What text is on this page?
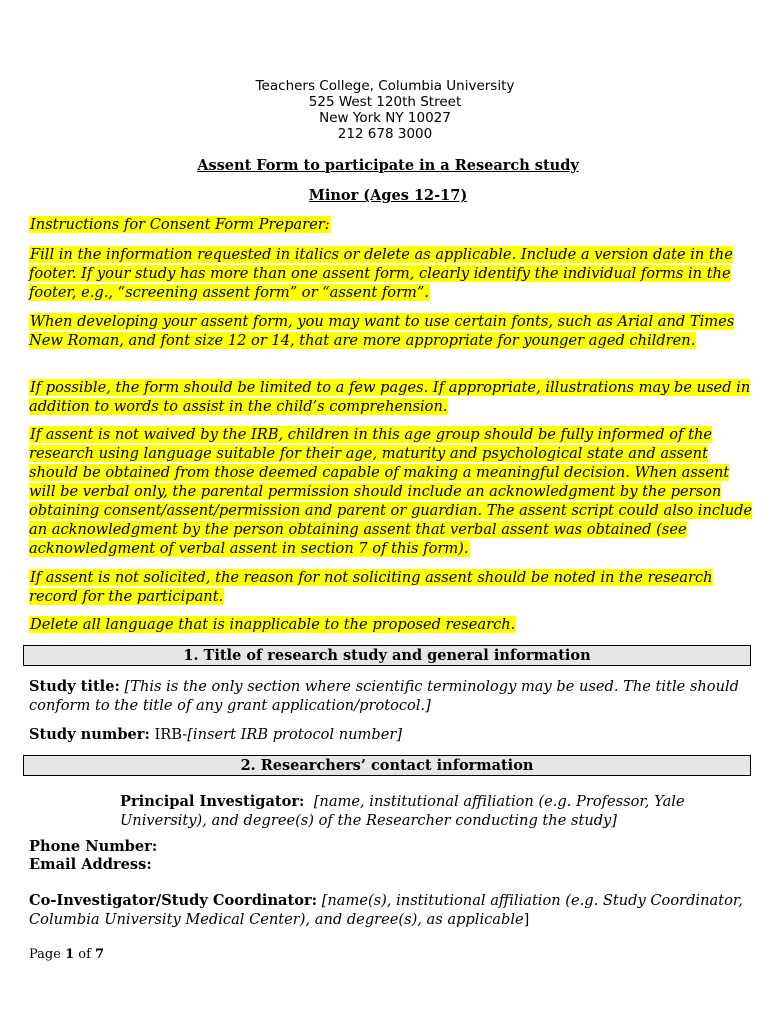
Teachers College, Columbia University
525 West 120th Street
New York NY 10027
212 678 3000
Assent Form to participate in a Research study
Minor (Ages 12-17)
Instructions for Consent Form Preparer:
Fill in the information requested in italics or delete as applicable. Include a version date in the footer. If your study has more than one assent form, clearly identify the individual forms in the footer, e.g., “screening assent form” or “assent form”.
When developing your assent form, you may want to use certain fonts, such as Arial and Times New Roman, and font size 12 or 14, that are more appropriate for younger aged children.
If possible, the form should be limited to a few pages. If appropriate, illustrations may be used in addition to words to assist in the child’s comprehension.
If assent is not waived by the IRB, children in this age group should be fully informed of the research using language suitable for their age, maturity and psychological state and assent should be obtained from those deemed capable of making a meaningful decision. When assent will be verbal only, the parental permission should include an acknowledgment by the person obtaining consent/assent/permission and parent or guardian. The assent script could also include an acknowledgment by the person obtaining assent that verbal assent was obtained (see acknowledgment of verbal assent in section 7 of this form).
If assent is not solicited, the reason for not soliciting assent should be noted in the research record for the participant.
Delete all language that is inapplicable to the proposed research.
1. Title of research study and general information
Study title: [This is the only section where scientific terminology may be used. The title should conform to the title of any grant application/protocol.]
Study number: IRB-[insert IRB protocol number]
2. Researchers’ contact information
Principal Investigator: [name, institutional affiliation (e.g. Professor, Yale University), and degree(s) of the Researcher conducting the study]
Phone Number:
Email Address:
Co-Investigator/Study Coordinator: [name(s), institutional affiliation (e.g. Study Coordinator, Columbia University Medical Center), and degree(s), as applicable]
Page 1 of 7
